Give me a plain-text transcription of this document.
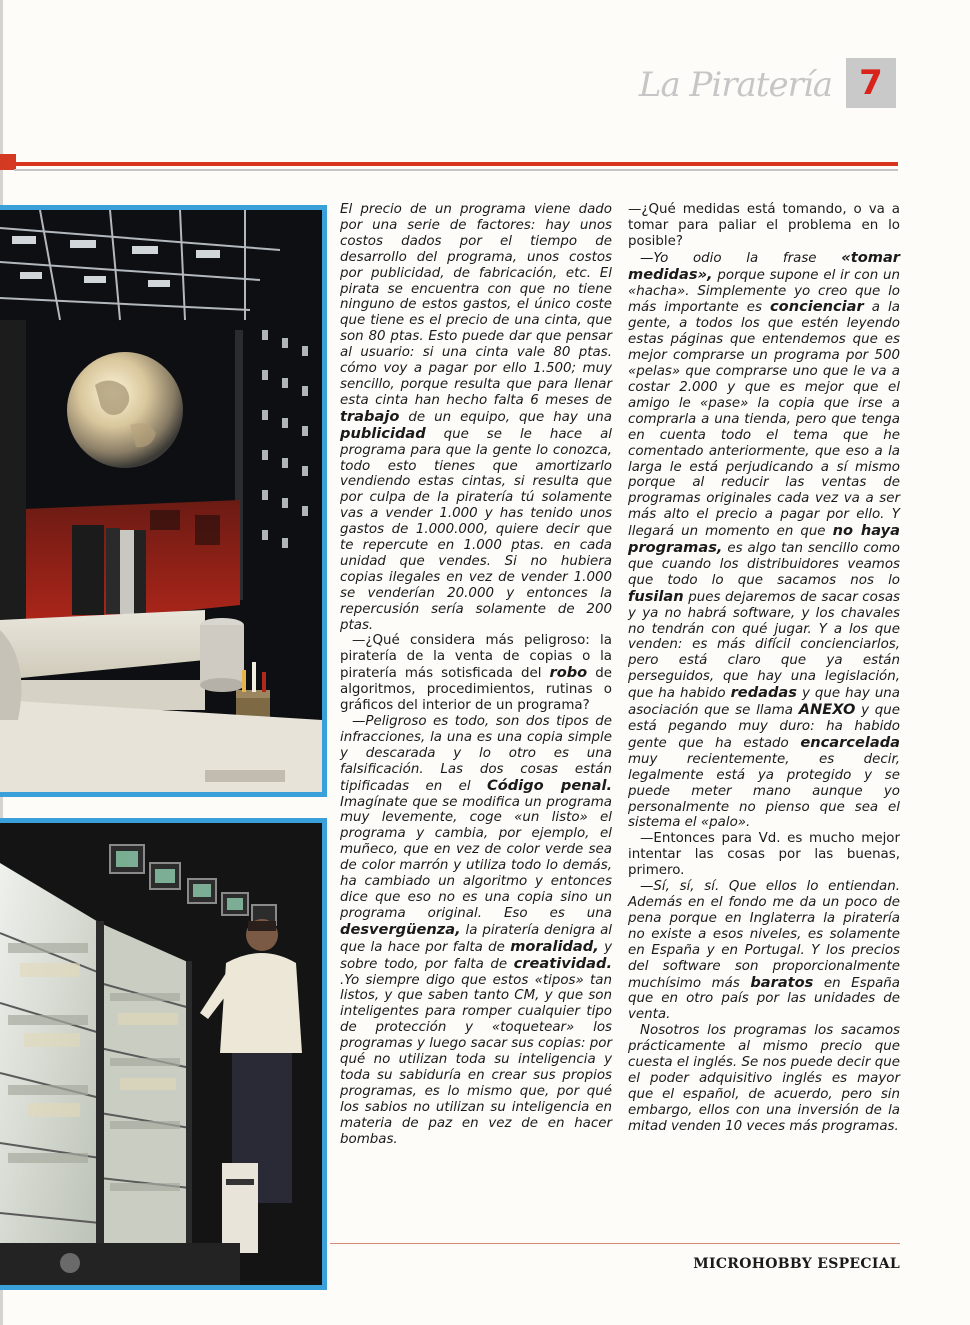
La Piratería 7

El precio de un programa viene dado por una serie de factores: hay unos costos dados por el tiempo de desarrollo del programa, unos costos por publicidad, de fabricación, etc. El pirata se encuentra con que no tiene ninguno de estos gastos, el único coste que tiene es el precio de una cinta, que son 80 ptas. Esto puede dar que pensar al usuario: si una cinta vale 80 ptas. cómo voy a pagar por ello 1.500; muy sencillo, porque resulta que para llenar esta cinta han hecho falta 6 meses de trabajo de un equipo, que hay una publicidad que se le hace al programa para que la gente lo conozca, todo esto tienes que amortizarlo vendiendo estas cintas, si resulta que por culpa de la piratería tú solamente vas a vender 1.000 y has tenido unos gastos de 1.000.000, quiere decir que te repercute en 1.000 ptas. en cada unidad que vendes. Si no hubiera copias ilegales en vez de vender 1.000 se venderían 20.000 y entonces la repercusión sería solamente de 200 ptas.

—¿Qué considera más peligroso: la piratería de la venta de copias o la piratería más sotisficada del robo de algoritmos, procedimientos, rutinas o gráficos del interior de un programa?

—Peligroso es todo, son dos tipos de infracciones, la una es una copia simple y descarada y lo otro es una falsificación. Las dos cosas están tipificadas en el Código penal. Imagínate que se modifica un programa muy levemente, coge «un listo» el programa y cambia, por ejemplo, el muñeco, que en vez de color verde sea de color marrón y utiliza todo lo demás, ha cambiado un algoritmo y entonces dice que eso no es una copia sino un programa original. Eso es una desvergüenza, la piratería denigra al que la hace por falta de moralidad, y sobre todo, por falta de creatividad. .Yo siempre digo que estos «tipos» tan listos, y que saben tanto CM, y que son inteligentes para romper cualquier tipo de protección y «toquetear» los programas y luego sacar sus copias: por qué no utilizan toda su inteligencia y toda su sabiduría en crear sus propios programas, es lo mismo que, por qué los sabios no utilizan su inteligencia en materia de paz en vez de en hacer bombas.

—¿Qué medidas está tomando, o va a tomar para paliar el problema en lo posible?

—Yo odio la frase «tomar medidas», porque supone el ir con un «hacha». Simplemente yo creo que lo más importante es concienciar a la gente, a todos los que estén leyendo estas páginas que entendemos que es mejor comprarse un programa por 500 «pelas» que comprarse uno que le va a costar 2.000 y que es mejor que el amigo le «pase» la copia que irse a comprarla a una tienda, pero que tenga en cuenta todo el tema que he comentado anteriormente, que eso a la larga le está perjudicando a sí mismo porque al reducir las ventas de programas originales cada vez va a ser más alto el precio a pagar por ello. Y llegará un momento en que no haya programas, es algo tan sencillo como que cuando los distribuidores veamos que todo lo que sacamos nos lo fusilan pues dejaremos de sacar cosas y ya no habrá software, y los chavales no tendrán con qué jugar. Y a los que venden: es más difícil concienciarlos, pero está claro que ya están perseguidos, que hay una legislación, que ha habido redadas y que hay una asociación que se llama ANEXO y que está pegando muy duro: ha habido gente que ha estado encarcelada muy recientemente, es decir, legalmente está ya protegido y se puede meter mano aunque yo personalmente no pienso que sea el sistema el «palo».

—Entonces para Vd. es mucho mejor intentar las cosas por las buenas, primero.

—Sí, sí, sí. Que ellos lo entiendan. Además en el fondo me da un poco de pena porque en Inglaterra la piratería no existe a esos niveles, es solamente en España y en Portugal. Y los precios del software son proporcionalmente muchísimo más baratos en España que en otro país por las unidades de venta.

Nosotros los programas los sacamos prácticamente al mismo precio que cuesta el inglés. Se nos puede decir que el poder adquisitivo inglés es mayor que el español, de acuerdo, pero sin embargo, ellos con una inversión de la mitad venden 10 veces más programas.

MICROHOBBY ESPECIAL
